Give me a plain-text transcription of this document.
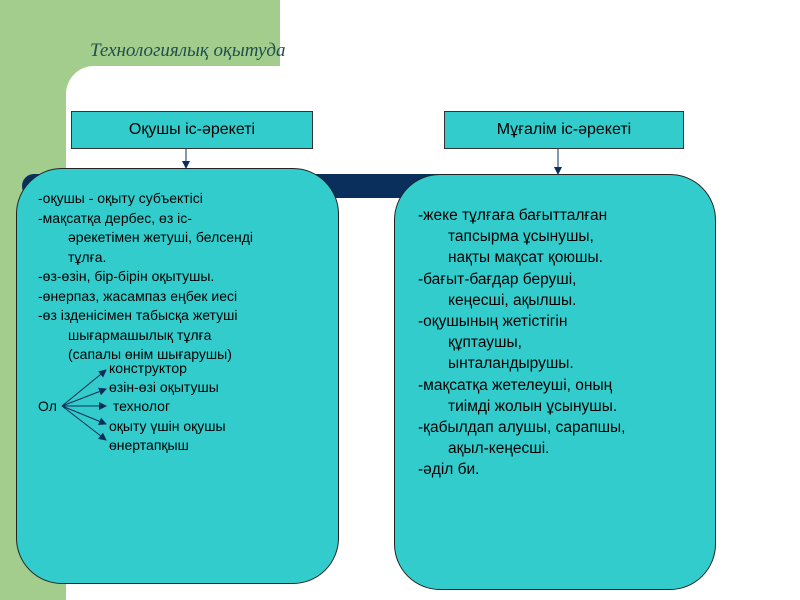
Технологиялық оқытуда
Оқушы іс-әрекеті	Мұғалім іс-әрекеті

-оқушы - оқыту субъектісі

-мақсатқа дербес, өз іс-

әрекетімен жетуші, белсенді

тұлға.

-өз-өзін, бір-бірін оқытушы.

-өнерпаз, жасампаз еңбек иесі

-өз ізденісімен табысқа жетуші

шығармашылық тұлға

(сапалы өнім шығарушы)

Ол
конструктор
өзін-өзі оқытушы
технолог
оқыту үшін оқушы
өнертапқыш

-жеке тұлғаға бағытталған

тапсырма ұсынушы,

нақты мақсат қоюшы.

-бағыт-бағдар беруші,

кеңесші, ақылшы.

-оқушының жетістігін

құптаушы,

ынталандырушы.

-мақсатқа жетелеуші, оның

тиімді жолын ұсынушы.

-қабылдап алушы, сарапшы,

ақыл-кеңесші.

-әділ би.
